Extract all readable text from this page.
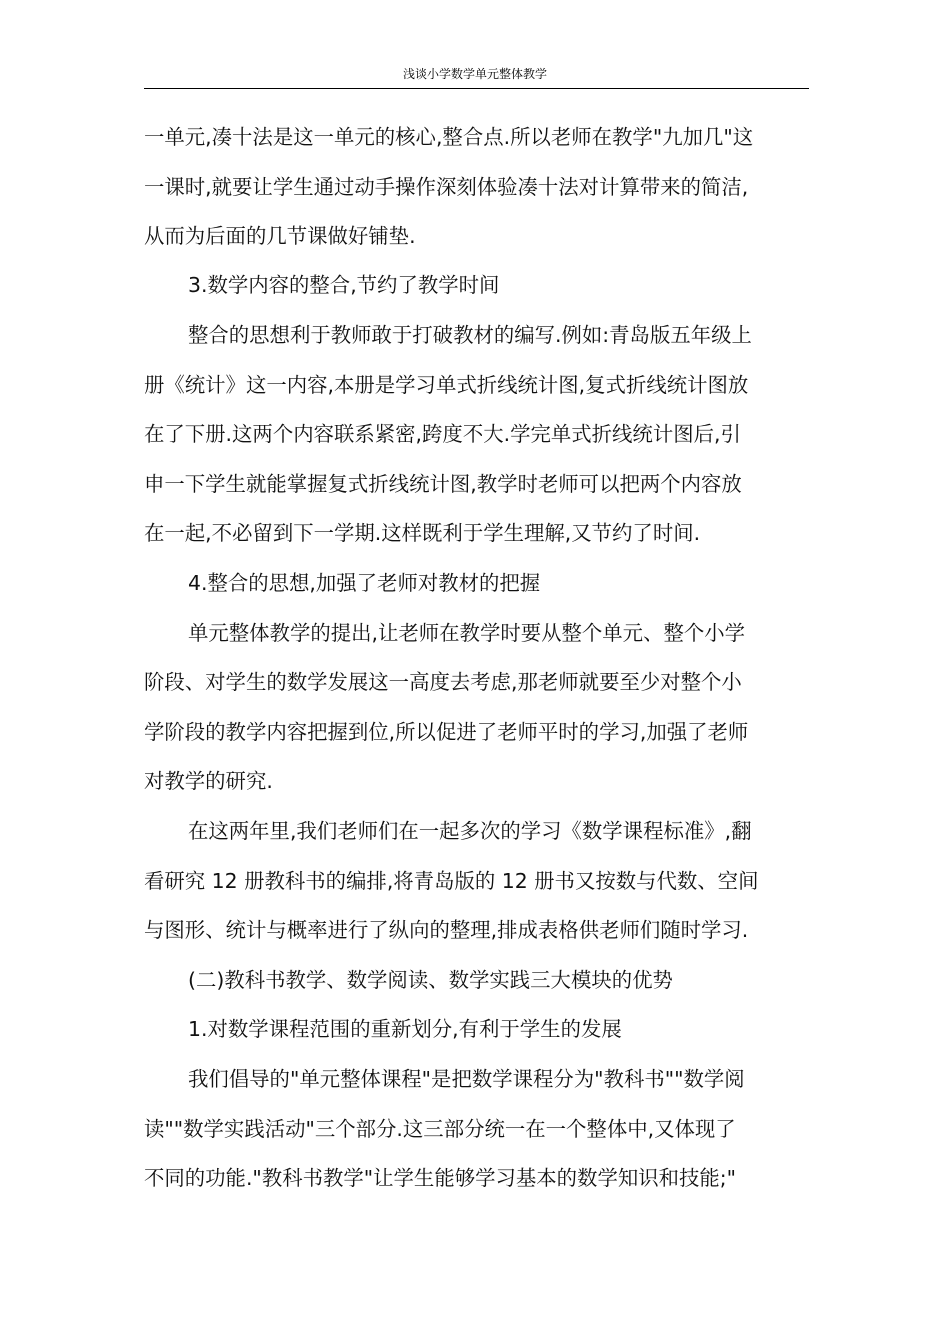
浅谈小学数学单元整体教学
一单元,凑十法是这一单元的核心,整合点.所以老师在教学"九加几"这
一课时,就要让学生通过动手操作深刻体验凑十法对计算带来的简洁,
从而为后面的几节课做好铺垫.
3.数学内容的整合,节约了教学时间
整合的思想利于教师敢于打破教材的编写.例如:青岛版五年级上
册《统计》这一内容,本册是学习单式折线统计图,复式折线统计图放
在了下册.这两个内容联系紧密,跨度不大.学完单式折线统计图后,引
申一下学生就能掌握复式折线统计图,教学时老师可以把两个内容放
在一起,不必留到下一学期.这样既利于学生理解,又节约了时间.
4.整合的思想,加强了老师对教材的把握
单元整体教学的提出,让老师在教学时要从整个单元、整个小学
阶段、对学生的数学发展这一高度去考虑,那老师就要至少对整个小
学阶段的教学内容把握到位,所以促进了老师平时的学习,加强了老师
对教学的研究.
在这两年里,我们老师们在一起多次的学习《数学课程标准》,翻
看研究 12 册教科书的编排,将青岛版的 12 册书又按数与代数、空间
与图形、统计与概率进行了纵向的整理,排成表格供老师们随时学习.
(二)教科书教学、数学阅读、数学实践三大模块的优势
1.对数学课程范围的重新划分,有利于学生的发展
我们倡导的"单元整体课程"是把数学课程分为"教科书""数学阅
读""数学实践活动"三个部分.这三部分统一在一个整体中,又体现了
不同的功能."教科书教学"让学生能够学习基本的数学知识和技能;"
